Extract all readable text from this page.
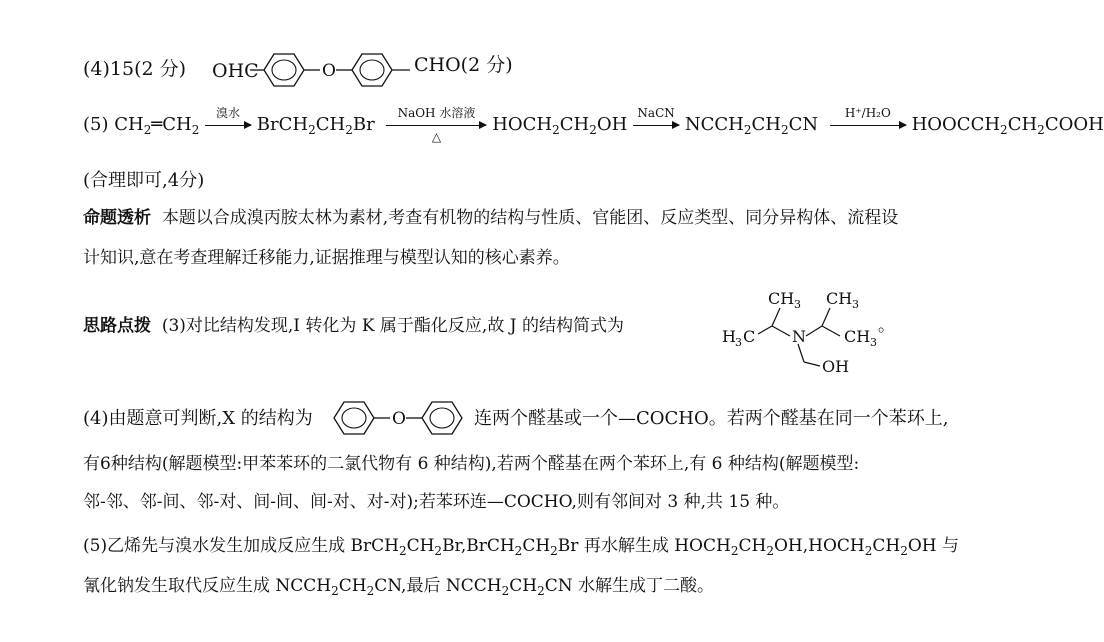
(4)15(2 分) OHC	O	CHO(2 分)
(5) $CH_2═CH_2$
溴水
$BrCH_2CH_2Br$
NaOH 水溶液
△
$HOCH_2CH_2OH$
NaCN
$NCCH_2CH_2CN$
H⁺/H₂O
$HOOCCH_2CH_2COOH$
(合理即可,4分)
命题透析 本题以合成溴丙胺太林为素材,考查有机物的结构与性质、官能团、反应类型、同分异构体、流程设
计知识,意在考查理解迁移能力,证据推理与模型认知的核心素养。
思路点拨 (3)对比结构发现,I 转化为 K 属于酯化反应,故 J 的结构简式为
CH 3 CH 3
H 3 C N CH 3
OH
。
(4)由题意可判断,X 的结构为	O	连两个醛基或一个—COCHO。若两个醛基在同一个苯环上,
有6种结构(解题模型:甲苯苯环的二氯代物有 6 种结构),若两个醛基在两个苯环上,有 6 种结构(解题模型:
邻-邻、邻-间、邻-对、间-间、间-对、对-对);若苯环连—COCHO,则有邻间对 3 种,共 15 种。
(5)乙烯先与溴水发生加成反应生成 $BrCH_2CH_2Br,BrCH_2CH_2Br$ 再水解生成 $HOCH_2CH_2OH,HOCH_2CH_2OH$ 与
氰化钠发生取代反应生成 $NCCH_2CH_2CN$,最后 $NCCH_2CH_2CN$ 水解生成丁二酸。
